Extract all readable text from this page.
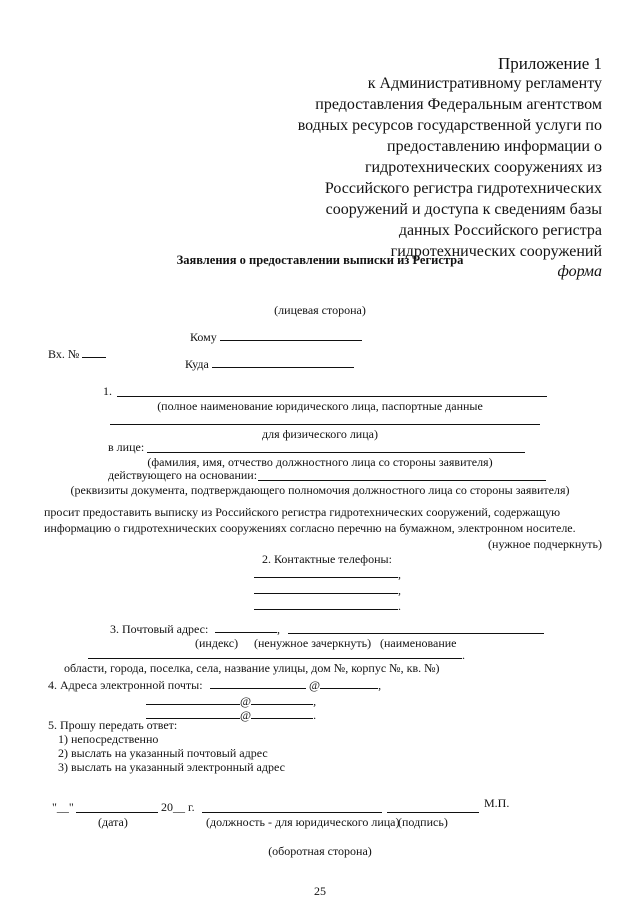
Приложение 1
к Административному регламенту
предоставления Федеральным агентством
водных ресурсов государственной услуги по
предоставлению информации о
гидротехнических сооружениях из
Российского регистра гидротехнических
сооружений и доступа к сведениям базы
данных Российского регистра
гидротехнических сооружений
форма
Заявления о предоставлении выписки из Регистра
(лицевая сторона)
Кому
Вх. №
Куда
1.
(полное наименование юридического лица, паспортные данные
для физического лица)
в лице:
(фамилия, имя, отчество должностного лица со стороны заявителя)
действующего на основании:
(реквизиты документа, подтверждающего полномочия должностного лица со стороны заявителя)
просит предоставить выписку из Российского регистра гидротехнических сооружений, содержащую
информацию о гидротехнических сооружениях согласно перечню на бумажном, электронном носителе.
(нужное подчеркнуть)
2. Контактные телефоны:
,
,
.
3. Почтовый адрес:	,
(индекс) (ненужное зачеркнуть) (наименование
.
области, города, поселка, села, название улицы, дом №, корпус №, кв. №)
4. Адреса электронной почты:	@	,
@	,
@	.
5. Прошу передать ответ:
1) непосредственно
2) выслать на указанный почтовый адрес
3) выслать на указанный электронный адрес
М.П.
"__"	20__ г.
(дата)	(должность - для юридического лица)
(подпись)
(оборотная сторона)
25
